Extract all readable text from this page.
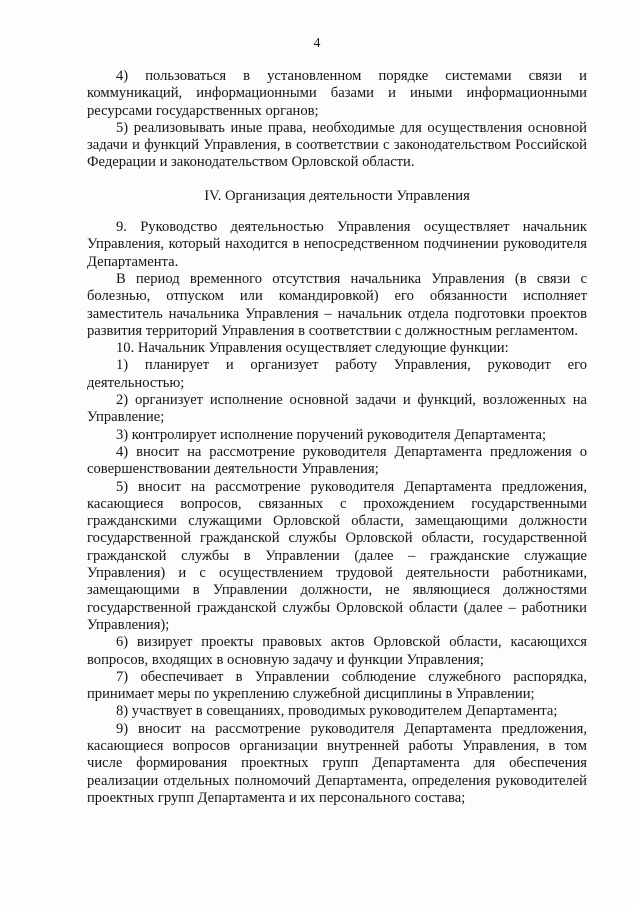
4

4) пользоваться в установленном порядке системами связи и коммуникаций, информационными базами и иными информационными ресурсами государственных органов;

5) реализовывать иные права, необходимые для осуществления основной задачи и функций Управления, в соответствии с законодательством Российской Федерации и законодательством Орловской области.

IV. Организация деятельности Управления

9. Руководство деятельностью Управления осуществляет начальник Управления, который находится в непосредственном подчинении руководителя Департамента.

В период временного отсутствия начальника Управления (в связи с болезнью, отпуском или командировкой) его обязанности исполняет заместитель начальника Управления – начальник отдела подготовки проектов развития территорий Управления в соответствии с должностным регламентом.

10. Начальник Управления осуществляет следующие функции:

1) планирует и организует работу Управления, руководит его деятельностью;

2) организует исполнение основной задачи и функций, возложенных на Управление;

3) контролирует исполнение поручений руководителя Департамента;

4) вносит на рассмотрение руководителя Департамента предложения о совершенствовании деятельности Управления;

5) вносит на рассмотрение руководителя Департамента предложения, касающиеся вопросов, связанных с прохождением государственными гражданскими служащими Орловской области, замещающими должности государственной гражданской службы Орловской области, государственной гражданской службы в Управлении (далее – гражданские служащие Управления) и с осуществлением трудовой деятельности работниками, замещающими в Управлении должности, не являющиеся должностями государственной гражданской службы Орловской области (далее – работники Управления);

6) визирует проекты правовых актов Орловской области, касающихся вопросов, входящих в основную задачу и функции Управления;

7) обеспечивает в Управлении соблюдение служебного распорядка, принимает меры по укреплению служебной дисциплины в Управлении;

8) участвует в совещаниях, проводимых руководителем Департамента;

9) вносит на рассмотрение руководителя Департамента предложения, касающиеся вопросов организации внутренней работы Управления, в том числе формирования проектных групп Департамента для обеспечения реализации отдельных полномочий Департамента, определения руководителей проектных групп Департамента и их персонального состава;
